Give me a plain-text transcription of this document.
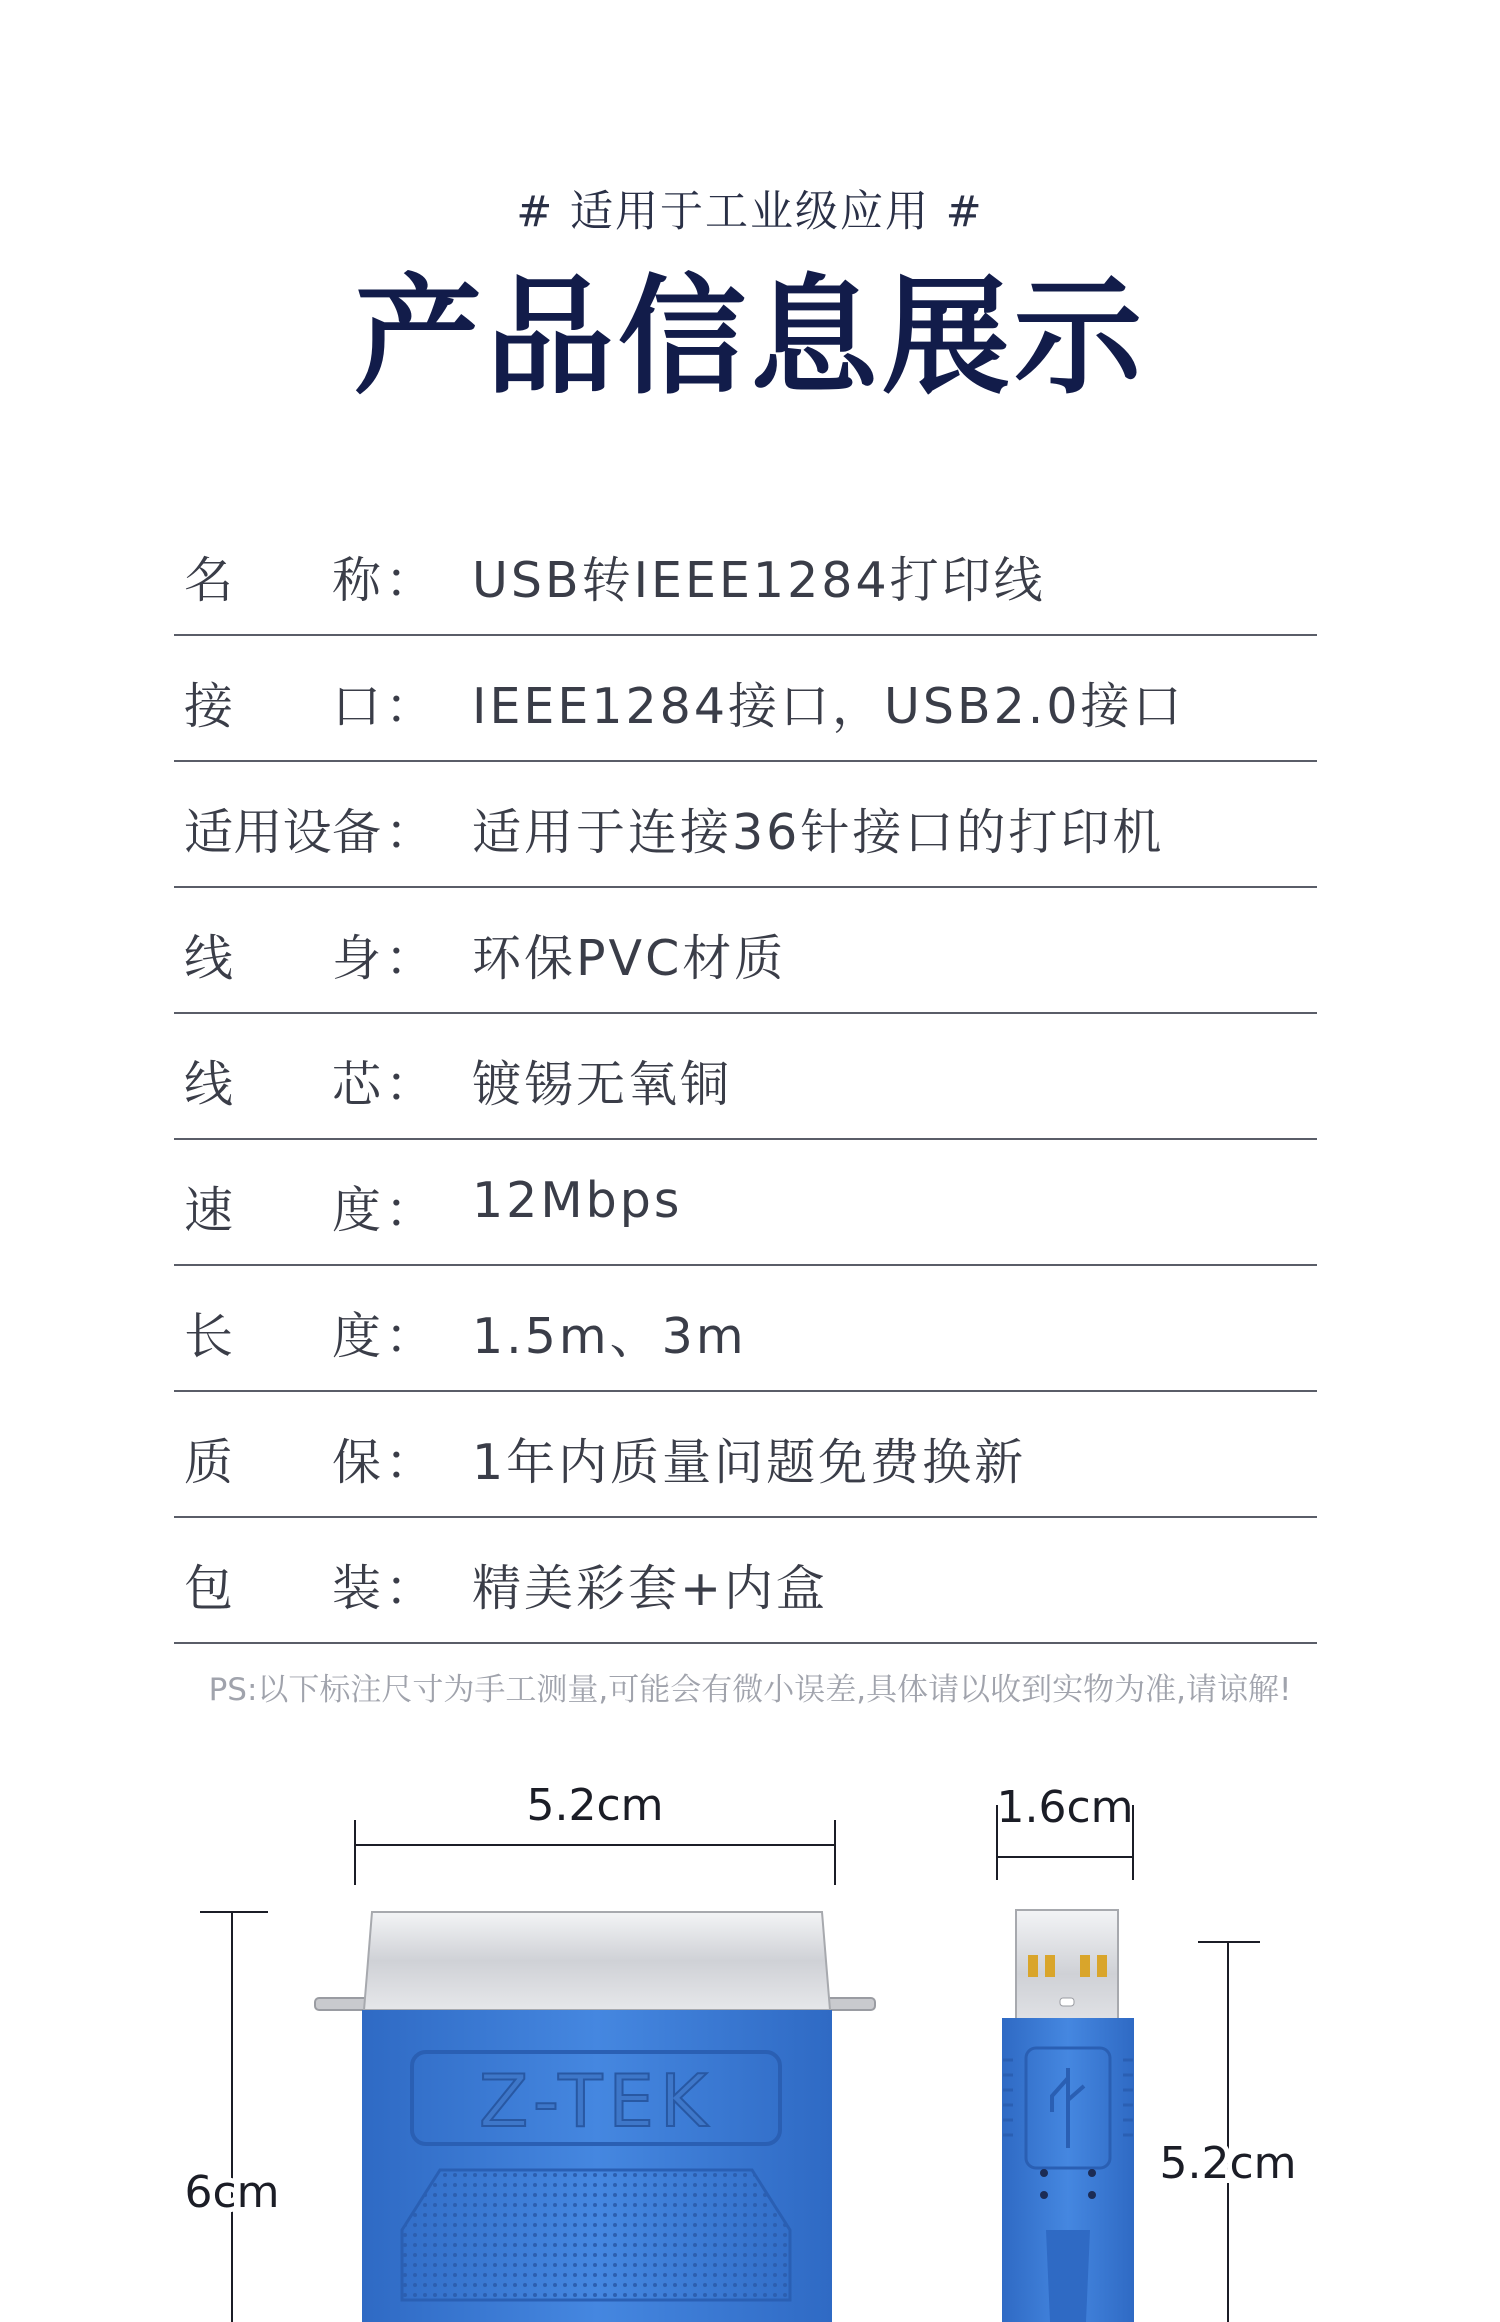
# 适用于工业级应用 #
产品信息展示
名 称： USB转IEEE1284打印线
接 口： IEEE1284接口，USB2.0接口
适 用 设 备： 适用于连接36针接口的打印机
线 身： 环保PVC材质
线 芯： 镀锡无氧铜
速 度： 12Mbps
长 度： 1.5m、3m
质 保： 1年内质量问题免费换新
包 装： 精美彩套+内盒
PS:以下标注尺寸为手工测量,可能会有微小误差,具体请以收到实物为准,请谅解!
5.2cm
6cm
Z-TEK
1.6cm
5.2cm
